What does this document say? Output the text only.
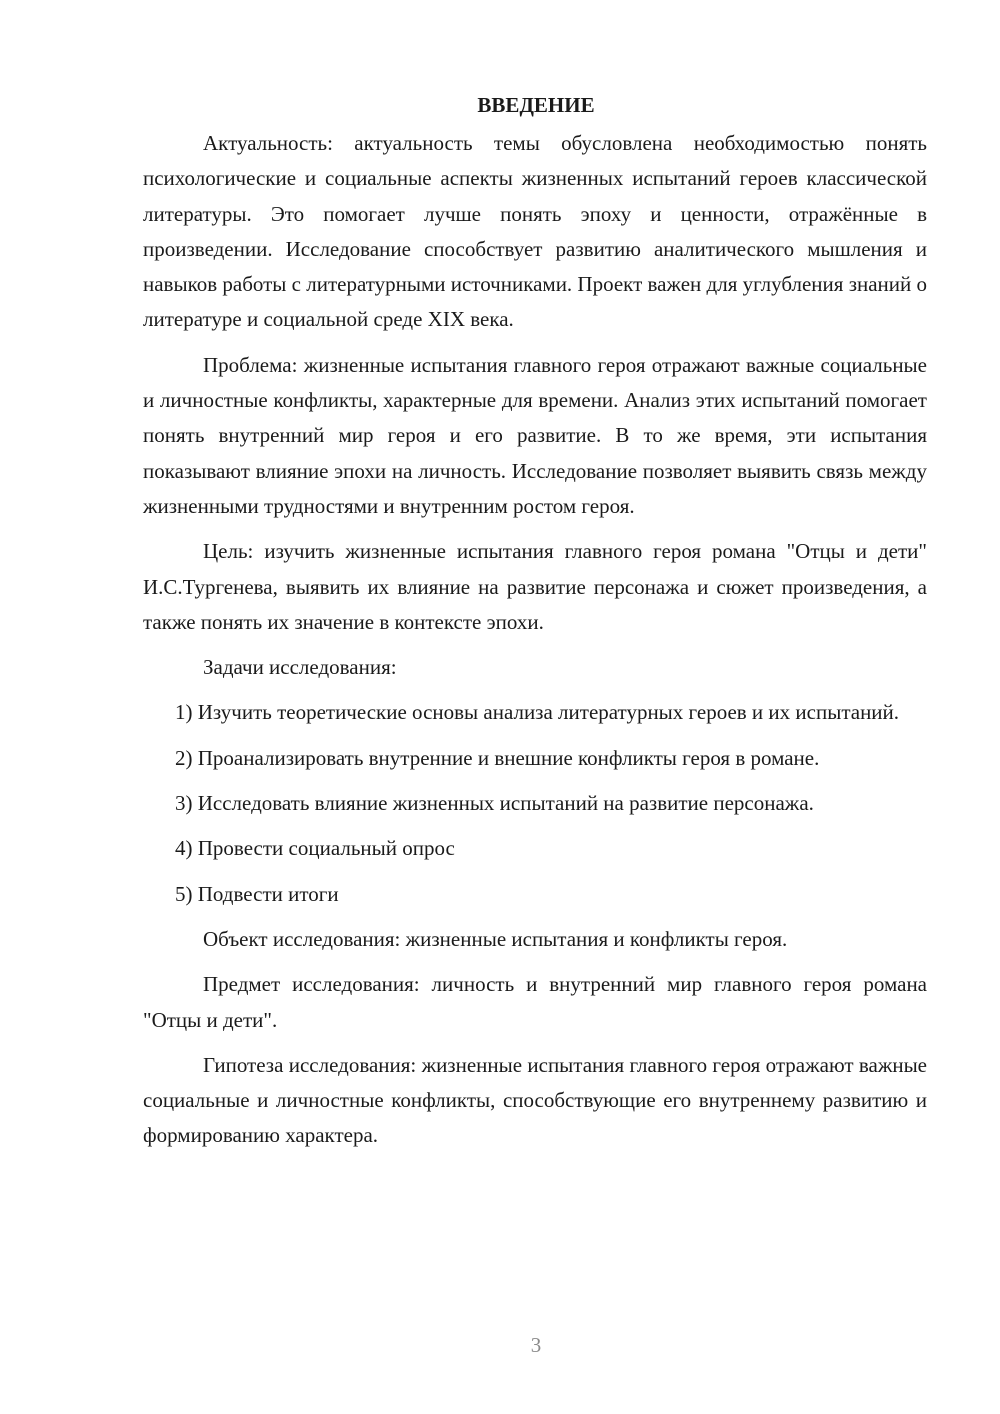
ВВЕДЕНИЕ

Актуальность: актуальность темы обусловлена необходимостью понять психологические и социальные аспекты жизненных испытаний героев классической литературы. Это помогает лучше понять эпоху и ценности, отражённые в произведении. Исследование способствует развитию аналитического мышления и навыков работы с литературными источниками. Проект важен для углубления знаний о литературе и социальной среде XIX века.

Проблема: жизненные испытания главного героя отражают важные социальные и личностные конфликты, характерные для времени. Анализ этих испытаний помогает понять внутренний мир героя и его развитие. В то же время, эти испытания показывают влияние эпохи на личность. Исследование позволяет выявить связь между жизненными трудностями и внутренним ростом героя.

Цель: изучить жизненные испытания главного героя романа "Отцы и дети" И.С.Тургенева, выявить их влияние на развитие персонажа и сюжет произведения, а также понять их значение в контексте эпохи.

Задачи исследования:

1) Изучить теоретические основы анализа литературных героев и их испытаний.

2) Проанализировать внутренние и внешние конфликты героя в романе.

3) Исследовать влияние жизненных испытаний на развитие персонажа.

4) Провести социальный опрос

5) Подвести итоги

Объект исследования: жизненные испытания и конфликты героя.

Предмет исследования: личность и внутренний мир главного героя романа "Отцы и дети".

Гипотеза исследования: жизненные испытания главного героя отражают важные социальные и личностные конфликты, способствующие его внутреннему развитию и формированию характера.

3
